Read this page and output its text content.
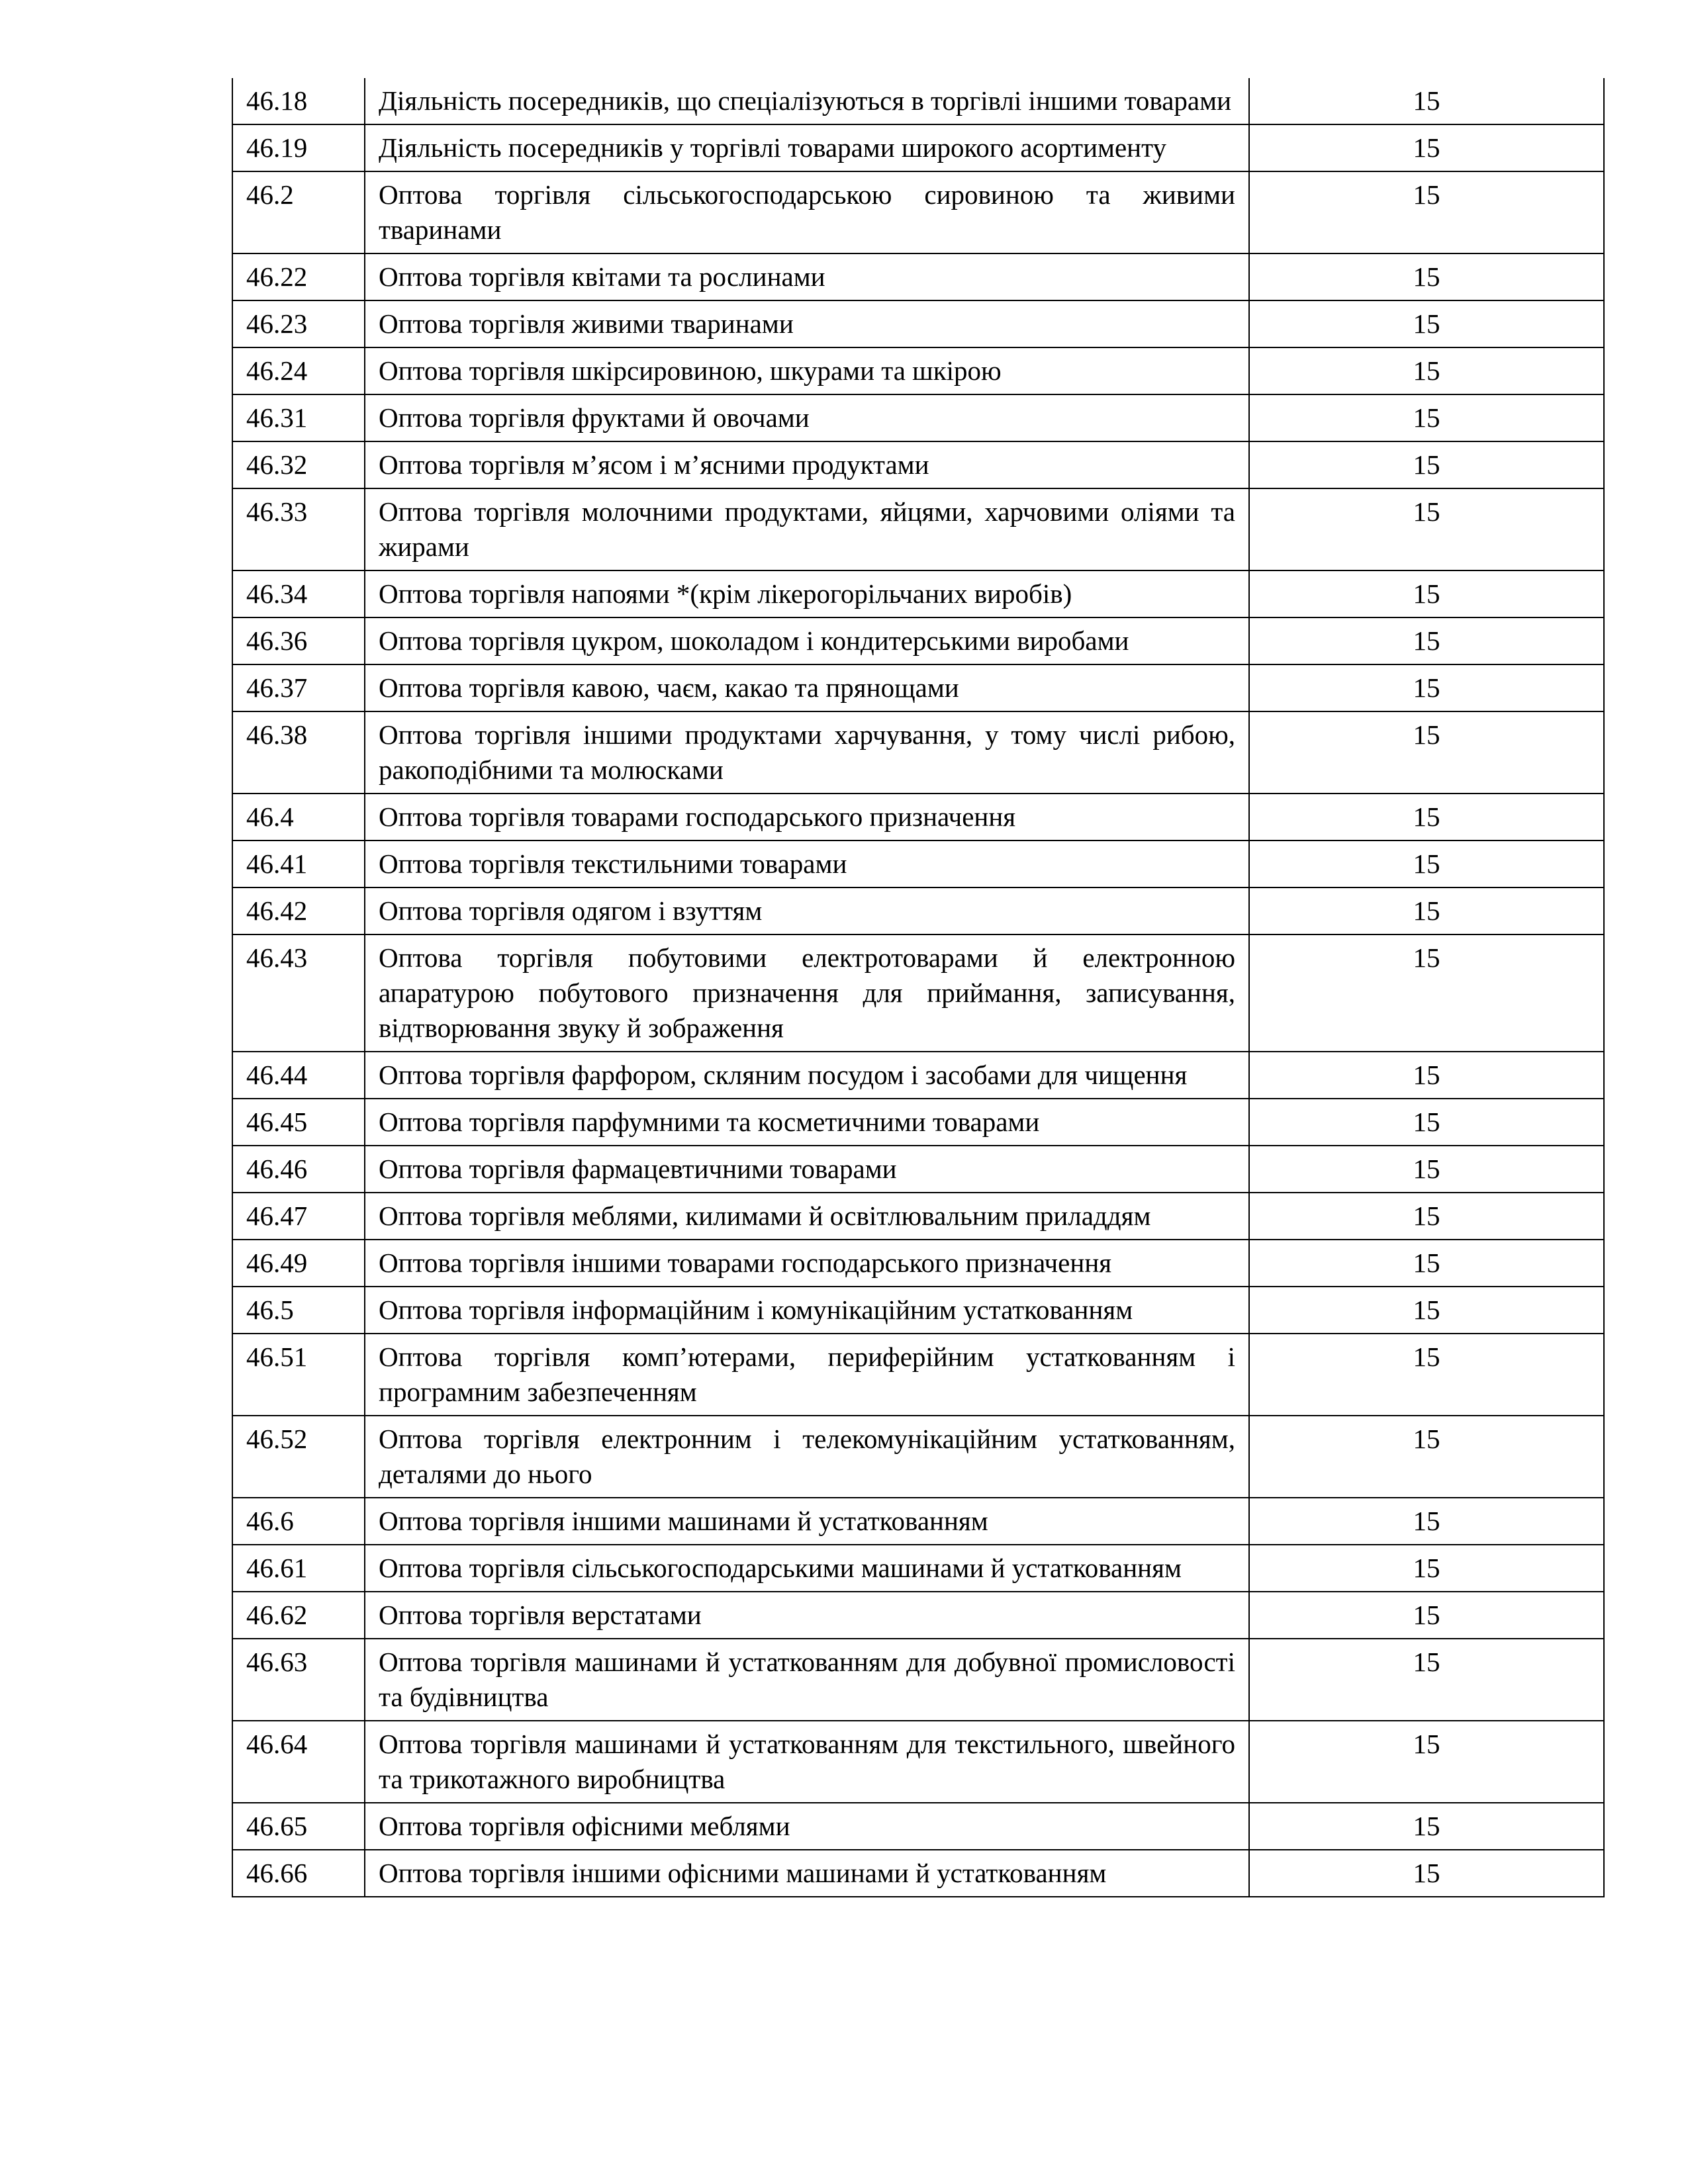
46.18	Діяльність посередників, що спеціалізуються в торгівлі іншими товарами	15
46.19	Діяльність посередників у торгівлі товарами широкого асортименту	15
46.2	Оптова торгівля сільськогосподарською сировиною та живими тваринами	15
46.22	Оптова торгівля квітами та рослинами	15
46.23	Оптова торгівля живими тваринами	15
46.24	Оптова торгівля шкірсировиною, шкурами та шкірою	15
46.31	Оптова торгівля фруктами й овочами	15
46.32	Оптова торгівля м’ясом і м’ясними продуктами	15
46.33	Оптова торгівля молочними продуктами, яйцями, харчовими оліями та жирами	15
46.34	Оптова торгівля напоями *(крім лікерогорільчаних виробів)	15
46.36	Оптова торгівля цукром, шоколадом і кондитерськими виробами	15
46.37	Оптова торгівля кавою, чаєм, какао та прянощами	15
46.38	Оптова торгівля іншими продуктами харчування, у тому числі рибою, ракоподібними та молюсками	15
46.4	Оптова торгівля товарами господарського призначення	15
46.41	Оптова торгівля текстильними товарами	15
46.42	Оптова торгівля одягом і взуттям	15
46.43	Оптова торгівля побутовими електротоварами й електронною апаратурою побутового призначення для приймання, записування, відтворювання звуку й зображення	15
46.44	Оптова торгівля фарфором, скляним посудом і засобами для чищення	15
46.45	Оптова торгівля парфумними та косметичними товарами	15
46.46	Оптова торгівля фармацевтичними товарами	15
46.47	Оптова торгівля меблями, килимами й освітлювальним приладдям	15
46.49	Оптова торгівля іншими товарами господарського призначення	15
46.5	Оптова торгівля інформаційним і комунікаційним устаткованням	15
46.51	Оптова торгівля комп’ютерами, периферійним устаткованням і програмним забезпеченням	15
46.52	Оптова торгівля електронним і телекомунікаційним устаткованням, деталями до нього	15
46.6	Оптова торгівля іншими машинами й устаткованням	15
46.61	Оптова торгівля сільськогосподарськими машинами й устаткованням	15
46.62	Оптова торгівля верстатами	15
46.63	Оптова торгівля машинами й устаткованням для добувної промисловості та будівництва	15
46.64	Оптова торгівля машинами й устаткованням для текстильного, швейного та трикотажного виробництва	15
46.65	Оптова торгівля офісними меблями	15
46.66	Оптова торгівля іншими офісними машинами й устаткованням	15
